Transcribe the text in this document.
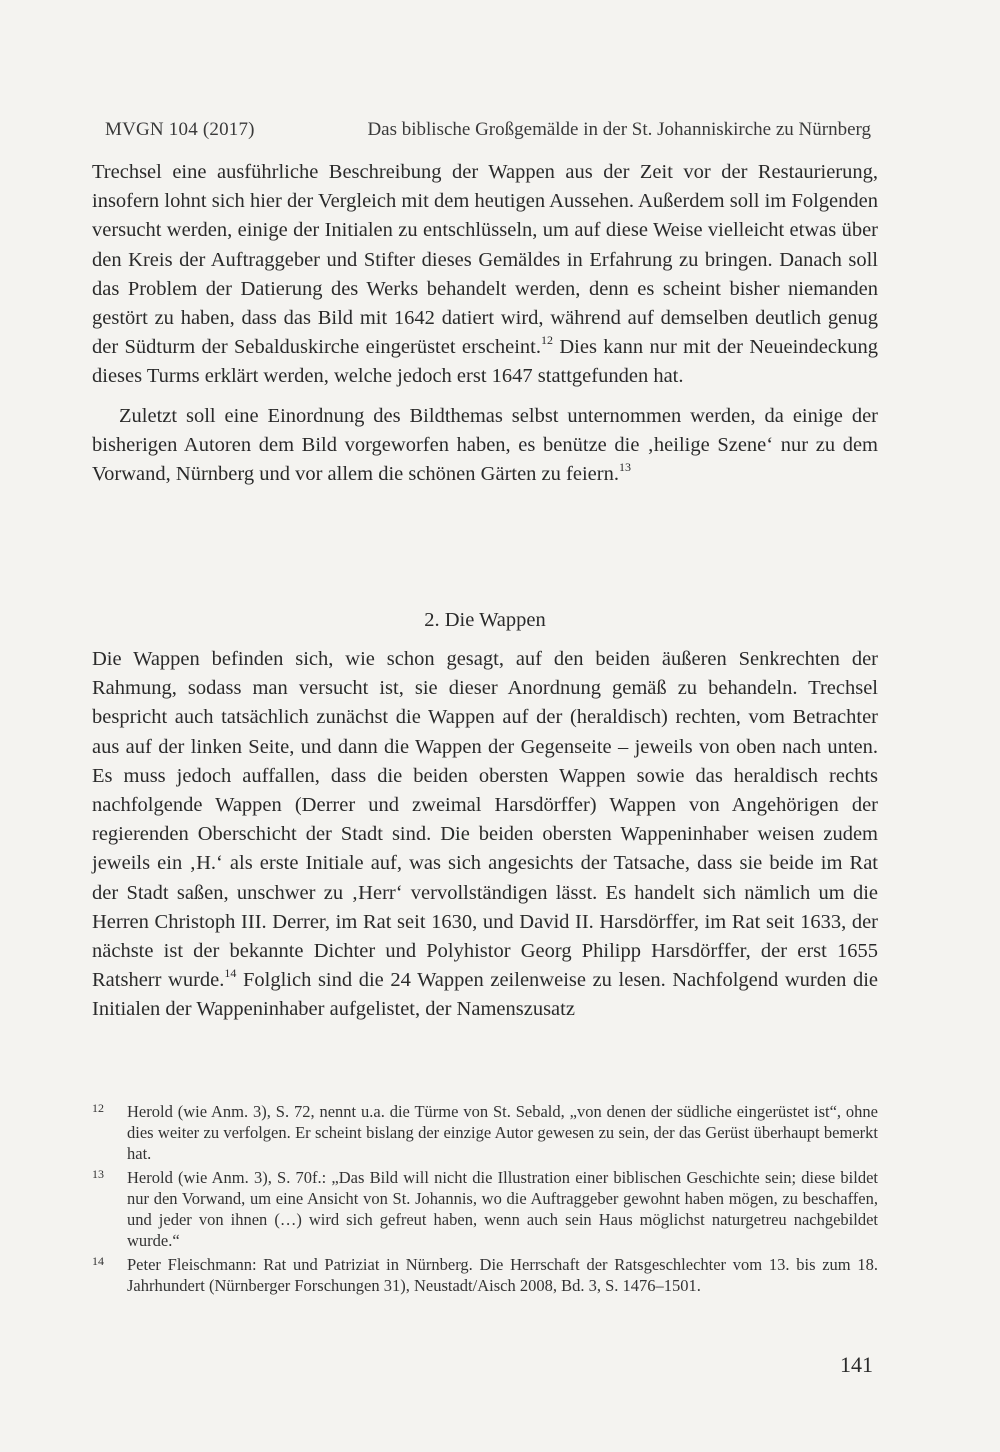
MVGN 104 (2017)	Das biblische Großgemälde in der St. Johanniskirche zu Nürnberg

Trechsel eine ausführliche Beschreibung der Wappen aus der Zeit vor der Restaurierung, insofern lohnt sich hier der Vergleich mit dem heutigen Aussehen. Außerdem soll im Folgenden versucht werden, einige der Initialen zu entschlüsseln, um auf diese Weise vielleicht etwas über den Kreis der Auftraggeber und Stifter dieses Gemäldes in Erfahrung zu bringen. Danach soll das Problem der Datierung des Werks behandelt werden, denn es scheint bisher niemanden gestört zu haben, dass das Bild mit 1642 datiert wird, während auf demselben deutlich genug der Südturm der Sebalduskirche eingerüstet erscheint.$^{12}$ Dies kann nur mit der Neueindeckung dieses Turms erklärt werden, welche jedoch erst 1647 stattgefunden hat.

Zuletzt soll eine Einordnung des Bildthemas selbst unternommen werden, da einige der bisherigen Autoren dem Bild vorgeworfen haben, es benütze die ‚heilige Szene‘ nur zu dem Vorwand, Nürnberg und vor allem die schönen Gärten zu feiern.$^{13}$

2. Die Wappen

Die Wappen befinden sich, wie schon gesagt, auf den beiden äußeren Senkrechten der Rahmung, sodass man versucht ist, sie dieser Anordnung gemäß zu behandeln. Trechsel bespricht auch tatsächlich zunächst die Wappen auf der (heraldisch) rechten, vom Betrachter aus auf der linken Seite, und dann die Wappen der Gegenseite – jeweils von oben nach unten. Es muss jedoch auffallen, dass die beiden obersten Wappen sowie das heraldisch rechts nachfolgende Wappen (Derrer und zweimal Harsdörffer) Wappen von Angehörigen der regierenden Oberschicht der Stadt sind. Die beiden obersten Wappeninhaber weisen zudem jeweils ein ‚H.‘ als erste Initiale auf, was sich angesichts der Tatsache, dass sie beide im Rat der Stadt saßen, unschwer zu ‚Herr‘ vervollständigen lässt. Es handelt sich nämlich um die Herren Christoph III. Derrer, im Rat seit 1630, und David II. Harsdörffer, im Rat seit 1633, der nächste ist der bekannte Dichter und Polyhistor Georg Philipp Harsdörffer, der erst 1655 Ratsherr wurde.$^{14}$ Folglich sind die 24 Wappen zeilenweise zu lesen. Nachfolgend wurden die Initialen der Wappeninhaber aufgelistet, der Namenszusatz

12 Herold (wie Anm. 3), S. 72, nennt u.a. die Türme von St. Sebald, „von denen der südliche eingerüstet ist“, ohne dies weiter zu verfolgen. Er scheint bislang der einzige Autor gewesen zu sein, der das Gerüst überhaupt bemerkt hat.
13 Herold (wie Anm. 3), S. 70f.: „Das Bild will nicht die Illustration einer biblischen Geschichte sein; diese bildet nur den Vorwand, um eine Ansicht von St. Johannis, wo die Auftraggeber gewohnt haben mögen, zu beschaffen, und jeder von ihnen (…) wird sich gefreut haben, wenn auch sein Haus möglichst naturgetreu nachgebildet wurde.“
14 Peter Fleischmann: Rat und Patriziat in Nürnberg. Die Herrschaft der Ratsgeschlechter vom 13. bis zum 18. Jahrhundert (Nürnberger Forschungen 31), Neustadt/Aisch 2008, Bd. 3, S. 1476–1501.
141
